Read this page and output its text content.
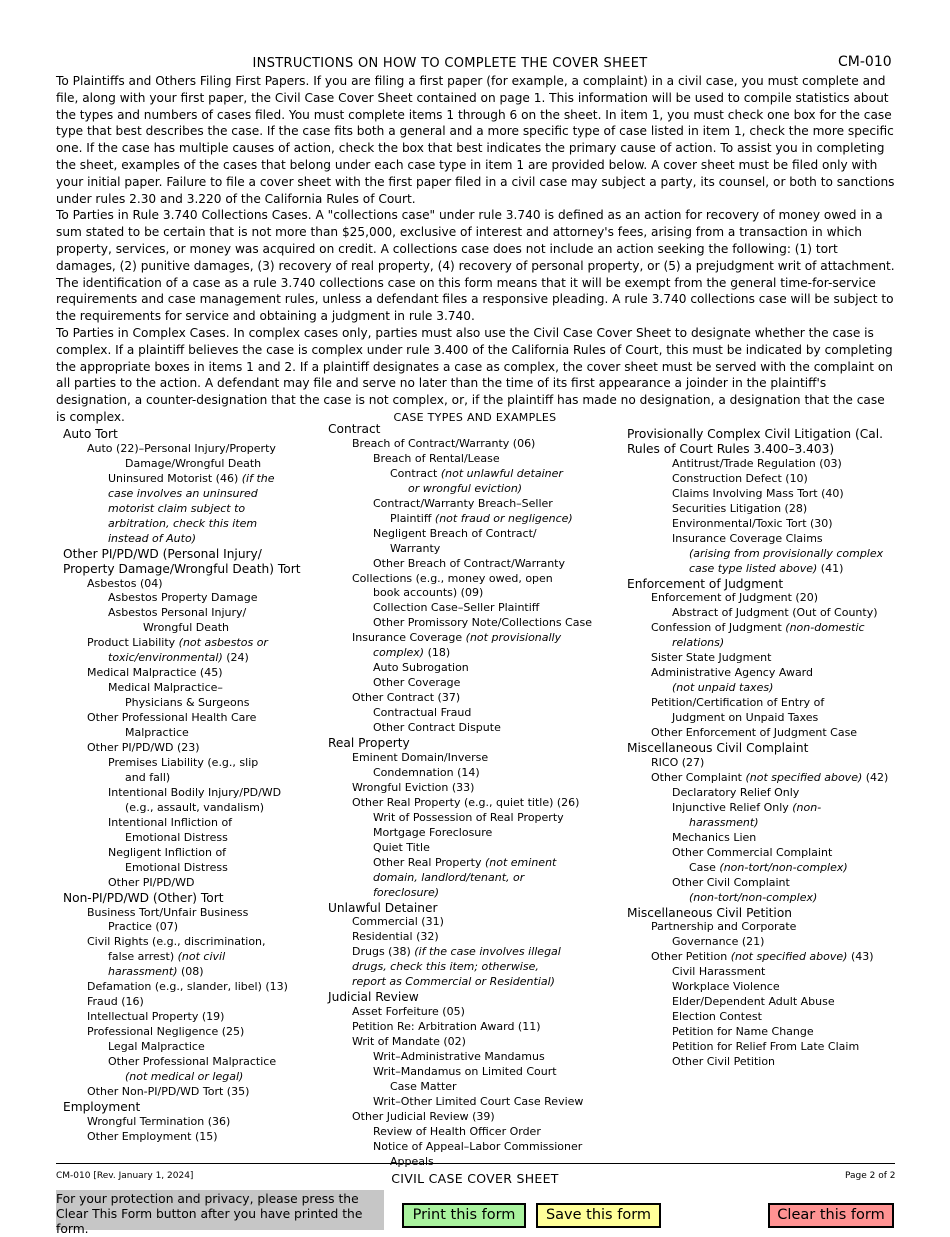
CM-010
INSTRUCTIONS ON HOW TO COMPLETE THE COVER SHEET

To Plaintiffs and Others Filing First Papers. If you are filing a first paper (for example, a complaint) in a civil case, you must complete and file, along with your first paper, the Civil Case Cover Sheet contained on page 1. This information will be used to compile statistics about the types and numbers of cases filed. You must complete items 1 through 6 on the sheet. In item 1, you must check one box for the case type that best describes the case. If the case fits both a general and a more specific type of case listed in item 1, check the more specific one. If the case has multiple causes of action, check the box that best indicates the primary cause of action. To assist you in completing the sheet, examples of the cases that belong under each case type in item 1 are provided below. A cover sheet must be filed only with your initial paper. Failure to file a cover sheet with the first paper filed in a civil case may subject a party, its counsel, or both to sanctions under rules 2.30 and 3.220 of the California Rules of Court.

To Parties in Rule 3.740 Collections Cases. A "collections case" under rule 3.740 is defined as an action for recovery of money owed in a sum stated to be certain that is not more than $25,000, exclusive of interest and attorney's fees, arising from a transaction in which property, services, or money was acquired on credit. A collections case does not include an action seeking the following: (1) tort damages, (2) punitive damages, (3) recovery of real property, (4) recovery of personal property, or (5) a prejudgment writ of attachment. The identification of a case as a rule 3.740 collections case on this form means that it will be exempt from the general time-for-service requirements and case management rules, unless a defendant files a responsive pleading. A rule 3.740 collections case will be subject to the requirements for service and obtaining a judgment in rule 3.740.

To Parties in Complex Cases. In complex cases only, parties must also use the Civil Case Cover Sheet to designate whether the case is complex. If a plaintiff believes the case is complex under rule 3.400 of the California Rules of Court, this must be indicated by completing the appropriate boxes in items 1 and 2. If a plaintiff designates a case as complex, the cover sheet must be served with the complaint on all parties to the action. A defendant may file and serve no later than the time of its first appearance a joinder in the plaintiff's designation, a counter-designation that the case is not complex, or, if the plaintiff has made no designation, a designation that the case is complex.	CASE TYPES AND EXAMPLES
Auto Tort
Auto (22)–Personal Injury/Property
Damage/Wrongful Death
Uninsured Motorist (46) (if the
case involves an uninsured
motorist claim subject to
arbitration, check this item
instead of Auto)
Other PI/PD/WD (Personal Injury/
Property Damage/Wrongful Death) Tort
Asbestos (04)
Asbestos Property Damage
Asbestos Personal Injury/
Wrongful Death
Product Liability (not asbestos or
toxic/environmental) (24)
Medical Malpractice (45)
Medical Malpractice–
Physicians & Surgeons
Other Professional Health Care
Malpractice
Other PI/PD/WD (23)
Premises Liability (e.g., slip
and fall)
Intentional Bodily Injury/PD/WD
(e.g., assault, vandalism)
Intentional Infliction of
Emotional Distress
Negligent Infliction of
Emotional Distress
Other PI/PD/WD
Non-PI/PD/WD (Other) Tort
Business Tort/Unfair Business
Practice (07)
Civil Rights (e.g., discrimination,
false arrest) (not civil
harassment) (08)
Defamation (e.g., slander, libel) (13)
Fraud (16)
Intellectual Property (19)
Professional Negligence (25)
Legal Malpractice
Other Professional Malpractice
(not medical or legal)
Other Non-PI/PD/WD Tort (35)
Employment
Wrongful Termination (36)
Other Employment (15)
Contract
Breach of Contract/Warranty (06)
Breach of Rental/Lease
Contract (not unlawful detainer
or wrongful eviction)
Contract/Warranty Breach–Seller
Plaintiff (not fraud or negligence)
Negligent Breach of Contract/
Warranty
Other Breach of Contract/Warranty
Collections (e.g., money owed, open
book accounts) (09)
Collection Case–Seller Plaintiff
Other Promissory Note/Collections Case
Insurance Coverage (not provisionally
complex) (18)
Auto Subrogation
Other Coverage
Other Contract (37)
Contractual Fraud
Other Contract Dispute
Real Property
Eminent Domain/Inverse
Condemnation (14)
Wrongful Eviction (33)
Other Real Property (e.g., quiet title) (26)
Writ of Possession of Real Property
Mortgage Foreclosure
Quiet Title
Other Real Property (not eminent
domain, landlord/tenant, or
foreclosure)
Unlawful Detainer
Commercial (31)
Residential (32)
Drugs (38) (if the case involves illegal
drugs, check this item; otherwise,
report as Commercial or Residential)
Judicial Review
Asset Forfeiture (05)
Petition Re: Arbitration Award (11)
Writ of Mandate (02)
Writ–Administrative Mandamus
Writ–Mandamus on Limited Court
Case Matter
Writ–Other Limited Court Case Review
Other Judicial Review (39)
Review of Health Officer Order
Notice of Appeal–Labor Commissioner
Appeals
Provisionally Complex Civil Litigation (Cal.
Rules of Court Rules 3.400–3.403)
Antitrust/Trade Regulation (03)
Construction Defect (10)
Claims Involving Mass Tort (40)
Securities Litigation (28)
Environmental/Toxic Tort (30)
Insurance Coverage Claims
(arising from provisionally complex
case type listed above) (41)
Enforcement of Judgment
Enforcement of Judgment (20)
Abstract of Judgment (Out of County)
Confession of Judgment (non-domestic
relations)
Sister State Judgment
Administrative Agency Award
(not unpaid taxes)
Petition/Certification of Entry of
Judgment on Unpaid Taxes
Other Enforcement of Judgment Case
Miscellaneous Civil Complaint
RICO (27)
Other Complaint (not specified above) (42)
Declaratory Relief Only
Injunctive Relief Only (non-
harassment)
Mechanics Lien
Other Commercial Complaint
Case (non-tort/non-complex)
Other Civil Complaint
(non-tort/non-complex)
Miscellaneous Civil Petition
Partnership and Corporate
Governance (21)
Other Petition (not specified above) (43)
Civil Harassment
Workplace Violence
Elder/Dependent Adult Abuse
Election Contest
Petition for Name Change
Petition for Relief From Late Claim
Other Civil Petition
CM-010 [Rev. January 1, 2024]	CIVIL CASE COVER SHEET	Page 2 of 2
For your protection and privacy, please press the Clear This Form button after you have printed the form.
Print this form	Save this form	Clear this form
